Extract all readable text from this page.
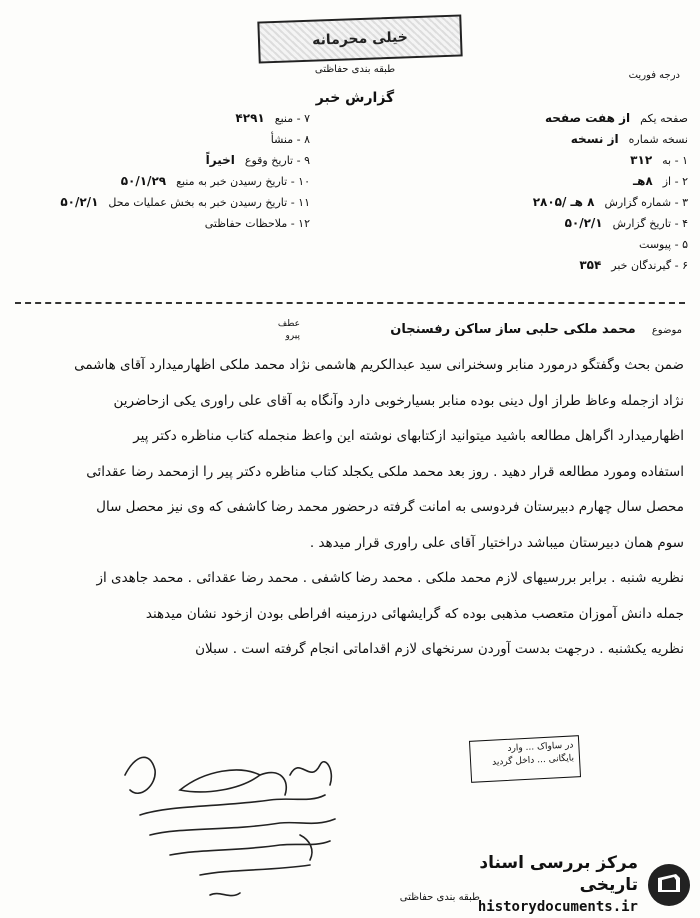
خیلی محرمانه
طبقه بندی حفاظتی
درجه فوریت
گزارش خبر
صفحه یکم
از هفت صفحه
نسخه شماره
از نسخه
۱ - به
۳۱۲
۲ - از
۸هـ
۳ - شماره گزارش
۸ هـ /۲۸۰۵
۴ - تاریخ گزارش
۵۰/۲/۱
۵ - پیوست
۶ - گیرندگان خبر
۳۵۴
۷ - منبع
۴۲۹۱
۸ - منشأ
۹ - تاریخ وقوع
اخیراً
۱۰ - تاریخ رسیدن خبر به منبع
۵۰/۱/۲۹
۱۱ - تاریخ رسیدن خبر به بخش عملیات محل
۵۰/۲/۱
۱۲ - ملاحظات حفاظتی
عطف
پیرو	موضوع محمد ملکی حلبی ساز ساکن رفسنجان

ضمن بحث وگفتگو درمورد منابر وسخنرانی سید عبدالکریم هاشمی نژاد محمد ملکی اظهارمیدارد آقای هاشمی

نژاد ازجمله وعاظ طراز اول دینی بوده منابر بسیارخوبی دارد وآنگاه به آقای علی راوری یکی ازحاضرین

اظهارمیدارد اگراهل مطالعه باشید میتوانید ازکتابهای نوشته این واعظ منجمله کتاب مناظره دکتر پیر

استفاده ومورد مطالعه قرار دهید . روز بعد محمد ملکی یکجلد کتاب مناظره دکتر پیر را ازمحمد رضا عقدائی

محصل سال چهارم دبیرستان فردوسی به امانت گرفته درحضور محمد رضا کاشفی که وی نیز محصل سال

سوم همان دبیرستان میباشد دراختیار آقای علی راوری قرار میدهد .

نظریه شنبه . برابر بررسیهای لازم محمد ملکی . محمد رضا کاشفی . محمد رضا عقدائی . محمد جاهدی از

جمله دانش آموزان متعصب مذهبی بوده که گرایشهائی درزمینه افراطی بودن ازخود نشان میدهند

نظریه یکشنبه . درجهت بدست آوردن سرنخهای لازم اقداماتی انجام گرفته است . سبلان

در ساواک ... وارد
بایگانی ... داخل گردید
طبقه بندی حفاظتی
مرکز بررسی اسناد تاریخی
historydocuments.ir
